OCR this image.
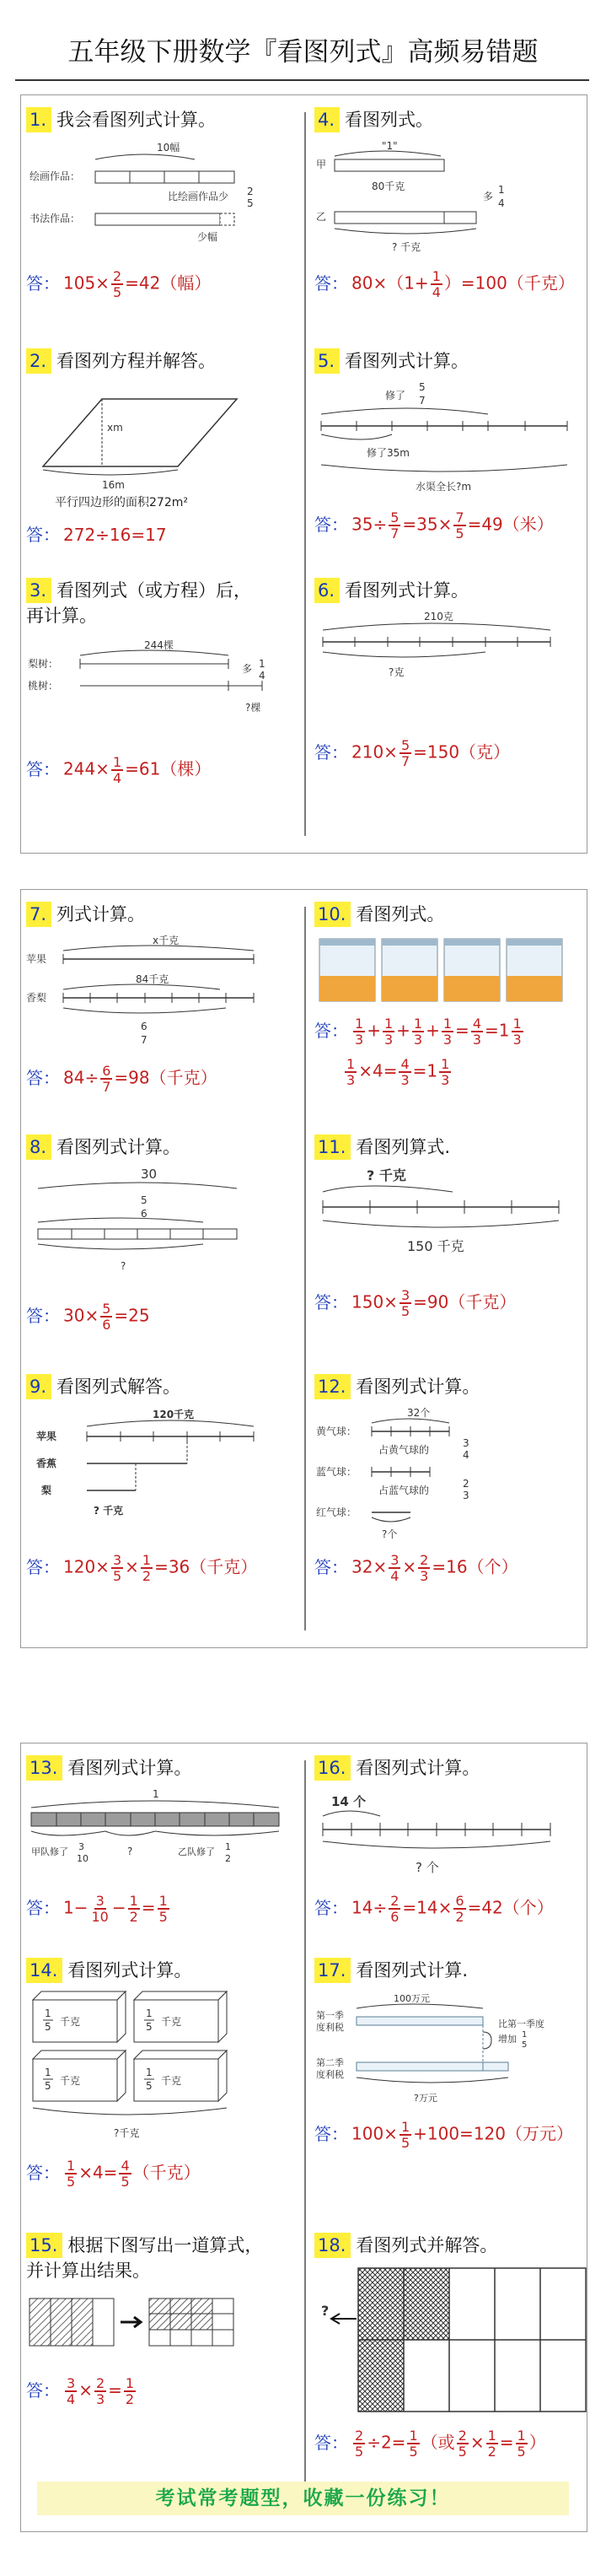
五年级下册数学『看图列式』高频易错题
1. 我会看图列式计算。
10幅
绘画作品：
比绘画作品少 2
5
书法作品：
少幅
答： $105\times \frac{2}{5} =42$（幅）
2. 看图列方程并解答。
xm
16m
平行四边形的面积272m²
答： 272÷16=17
3. 看图列式（或方程）后，
再计算。
244棵
梨树：
桃树：
多 1
4
?棵
答： $244\times \frac{1}{4} =61$（棵）
4. 看图列式。
"1"
甲
80千克
多
1
4
乙
? 千克
答： $80\times(1+ \frac{1}{4} )=100$（千克）
5. 看图列式计算。
修了
5
7
修了35m
水渠全长?m
答： $35\div \frac{5}{7} =35\times \frac{7}{5} =49$（米）
6. 看图列式计算。
210克
?克
答： $210\times \frac{5}{7} =150$（克）
7. 列式计算。
x千克
苹果
84千克
香梨
6
7
答： $84\div \frac{6}{7} =98$（千克）
8. 看图列式计算。
30
5
6
?
答： $30\times \frac{5}{6} =25$
9. 看图列式解答。
120千克
苹果
香蕉
梨
? 千克
答： $120\times \frac{3}{5} \times \frac{1}{2} =36$（千克）
10. 看图列式。
答： $\frac{1}{3} + \frac{1}{3} + \frac{1}{3} + \frac{1}{3} = \frac{4}{3} =1 \frac{1}{3}$
$\frac{1}{3} \times 4= \frac{4}{3} =1 \frac{1}{3}$
11. 看图列算式.
? 千克
150 千克
答： $150\times \frac{3}{5} =90$（千克）
12. 看图列式计算。
32个
黄气球：
占黄气球的
3
4
蓝气球：
占蓝气球的
2
3
红气球：
?个
答： $32\times \frac{3}{4} \times \frac{2}{3} =16$（个）
13. 看图列式计算。
1
甲队修了 3
10
?	乙队修了 1
2
答： $1- \frac{3}{10} - \frac{1}{2} = \frac{1}{5}$
14. 看图列式计算。
1
5 千克
1
5 千克
1
5 千克
1
5 千克
?千克
答： $\frac{1}{5} \times 4= \frac{4}{5}$ （千克）
15. 根据下图写出一道算式，
并计算出结果。
答： $\frac{3}{4} \times \frac{2}{3} = \frac{1}{2}$
16. 看图列式计算。
14 个
? 个
答： $14\div \frac{2}{6} =14\times \frac{6}{2} =42$（个）
17. 看图列式计算.
100万元
第一季
度利税	比第一季度
增加 1
5
第二季
度利税
?万元
答： $100\times \frac{1}{5} +100=120$（万元）
18. 看图列式并解答。
?
答： $\frac{2}{5} \div 2= \frac{1}{5}$ （或 $\frac{2}{5} \times \frac{1}{2} = \frac{1}{5}$ ）
考试常考题型，收藏一份练习！
